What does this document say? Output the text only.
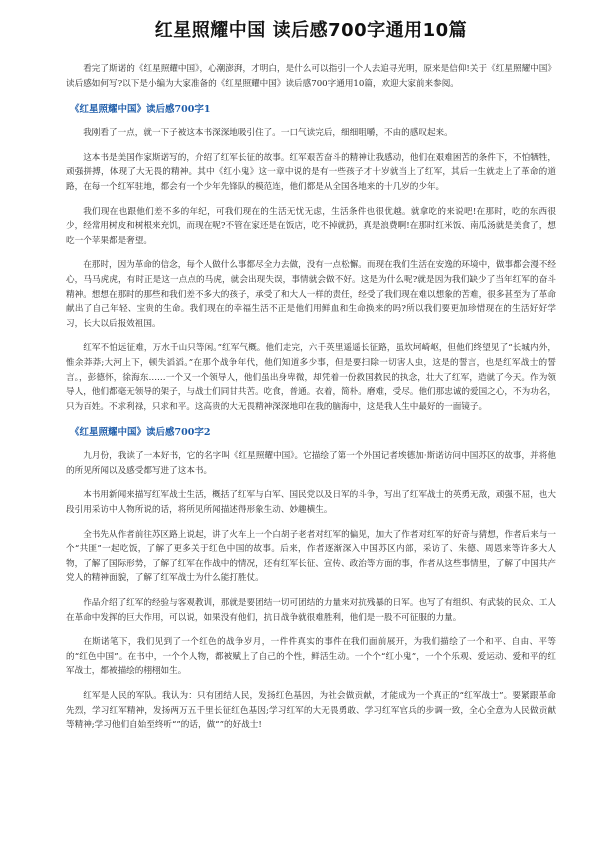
红星照耀中国 读后感700字通用10篇

看完了斯诺的《红星照耀中国》，心潮澎湃，才明白，是什么可以指引一个人去追寻光明，原来是信仰!关于《红星照耀中国》读后感如何写?以下是小编为大家准备的《红星照耀中国》读后感700字通用10篇，欢迎大家前来参阅。

《红星照耀中国》读后感700字1

我刚看了一点，就一下子被这本书深深地吸引住了。一口气读完后，细细咀嚼，不由的感叹起来。

这本书是美国作家斯诺写的，介绍了红军长征的故事。红军艰苦奋斗的精神让我感动，他们在艰难困苦的条件下，不怕牺牲，顽强拼搏，体现了大无畏的精神。其中《红小鬼》这一章中说的是有一些孩子才十岁就当上了红军，其后一生就走上了革命的道路，在每一个红军驻地，都会有一个少年先锋队的模范连，他们都是从全国各地来的十几岁的少年。

我们现在也跟他们差不多的年纪，可我们现在的生活无忧无虑，生活条件也很优越。就拿吃的来说吧!在那时，吃的东西很少，经常用树皮和树根来充饥，而现在呢?不管在家还是在饭店，吃不掉就扔，真是浪费啊!在那时红米饭、南瓜汤就是美食了，想吃一个苹果都是奢望。

在那时，因为革命的信念，每个人做什么事都尽全力去做，没有一点松懈。而现在我们生活在安逸的环境中，做事都会漫不经心，马马虎虎，有时正是这一点点的马虎，就会出现失误，事情就会做不好。这是为什么呢?就是因为我们缺少了当年红军的奋斗精神。想想在那时的那些和我们差不多大的孩子，承受了和大人一样的责任，经受了我们现在难以想象的苦难，很多甚至为了革命献出了自己年轻、宝贵的生命。我们现在的幸福生活不正是他们用鲜血和生命换来的吗?所以我们要更加珍惜现在的生活好好学习，长大以后报效祖国。

红军不怕远征难，万水千山只等闲。”红军气概。他们走完，六千英里遥遥长征路，虽坎坷崎岖，但他们终望见了“长城内外，惟余莽莽;大河上下，顿失滔滔。”在那个战争年代，他们知道多少事，但是要扫除一切害人虫，这是的誓言，也是红军战士的誓言。，彭德怀，徐海东……一个又一个领导人，他们虽出身卑微，却凭着一份救国救民的执念，壮大了红军，造就了今天。作为领导人，他们都毫无领导的架子，与战士们同甘共苦。吃食，普通。衣着，简朴。磨难，受尽。他们那忠诚的爱国之心，不为功名，只为百姓。不求利禄，只求和平。这高贵的大无畏精神深深地印在我的脑海中，这是我人生中最好的一面镜子。

《红星照耀中国》读后感700字2

九月份，我读了一本好书，它的名字叫《红星照耀中国》。它描绘了第一个外国记者埃德加·斯诺访问中国苏区的故事，并将他的所见所闻以及感受都写进了这本书。

本书用新闻来描写红军战士生活，概括了红军与白军、国民党以及日军的斗争，写出了红军战士的英勇无敌，顽强不屈，也大段引用采访中人物所说的话，将所见所闻描述得形象生动、妙趣横生。

全书先从作者前往苏区路上说起，讲了火车上一个白胡子老者对红军的偏见，加大了作者对红军的好奇与猜想，作者后来与一个“共匪”一起吃饭，了解了更多关于红色中国的故事。后来，作者逐渐深入中国苏区内部，采访了、朱德、周恩来等许多大人物，了解了国际形势，了解了红军在作战中的情况，还有红军长征、宣传、政治等方面的事，作者从这些事情里，了解了中国共产党人的精神面貌，了解了红军战士为什么能打胜仗。

作品介绍了红军的经验与客观教训，那就是要团结一切可团结的力量来对抗残暴的日军。也写了有组织、有武装的民众、工人在革命中发挥的巨大作用，可以说，如果没有他们，抗日战争就很难胜利，他们是一股不可征服的力量。

在斯诺笔下，我们见到了一个红色的战争岁月，一件件真实的事件在我们面前展开，为我们描绘了一个和平、自由、平等的“红色中国”。在书中，一个个人物，都被赋上了自己的个性，鲜活生动。一个个“红小鬼”，一个个乐观、爱运动、爱和平的红军战士，都被描绘的栩栩如生。

红军是人民的军队。我认为：只有团结人民，发扬红色基因，为社会做贡献，才能成为一个真正的“红军战士”。要紧跟革命先烈，学习红军精神，发扬两万五千里长征红色基因;学习红军的大无畏勇敢、学习红军官兵的步调一致，全心全意为人民做贡献等精神;学习他们自始至终听“”的话，做“”的好战士!
